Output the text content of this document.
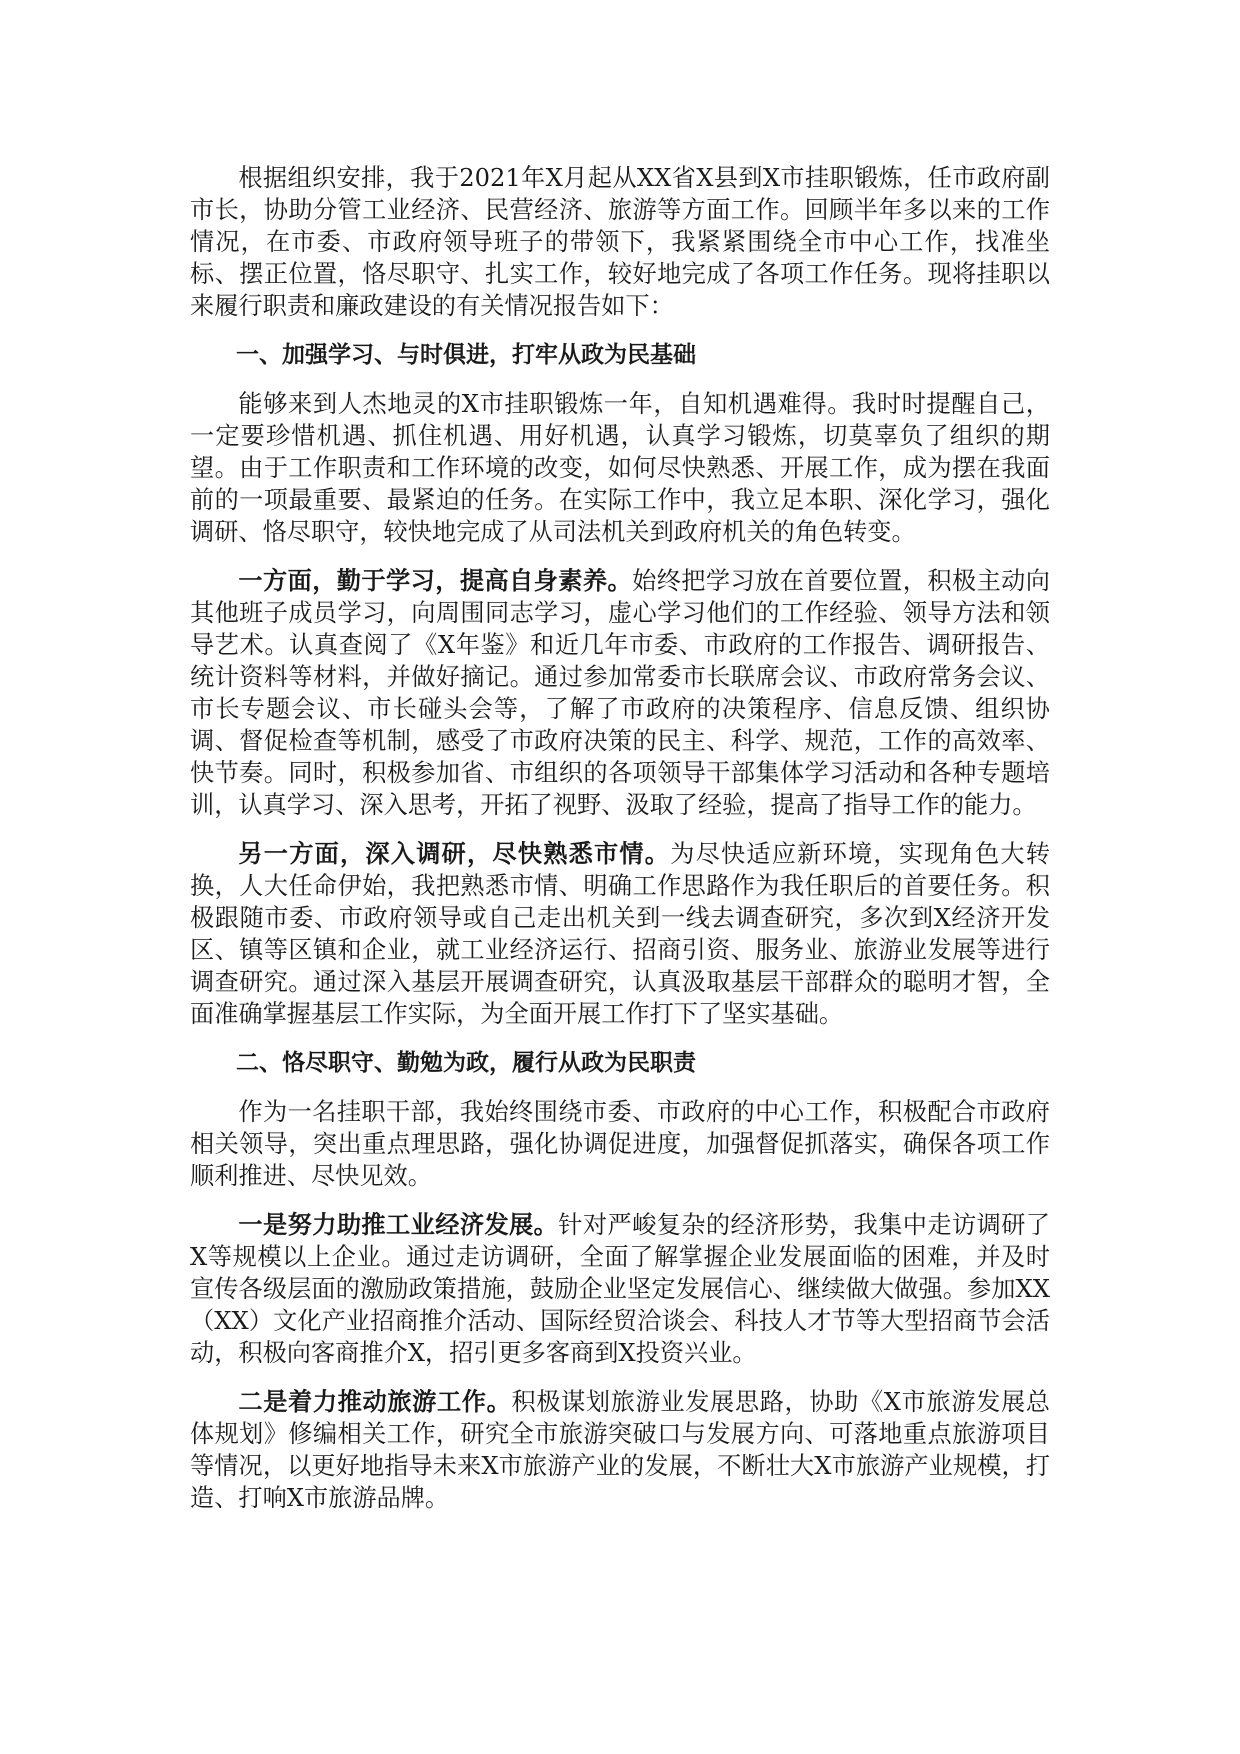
根据组织安排，我于2021年X月起从XX省X县到X市挂职锻炼，任市政府副市长，协助分管工业经济、民营经济、旅游等方面工作。回顾半年多以来的工作情况，在市委、市政府领导班子的带领下，我紧紧围绕全市中心工作，找准坐标、摆正位置，恪尽职守、扎实工作，较好地完成了各项工作任务。现将挂职以来履行职责和廉政建设的有关情况报告如下：

一、加强学习、与时俱进，打牢从政为民基础

能够来到人杰地灵的X市挂职锻炼一年，自知机遇难得。我时时提醒自己，一定要珍惜机遇、抓住机遇、用好机遇，认真学习锻炼，切莫辜负了组织的期望。由于工作职责和工作环境的改变，如何尽快熟悉、开展工作，成为摆在我面前的一项最重要、最紧迫的任务。在实际工作中，我立足本职、深化学习，强化调研、恪尽职守，较快地完成了从司法机关到政府机关的角色转变。

一方面，勤于学习，提高自身素养。始终把学习放在首要位置，积极主动向其他班子成员学习，向周围同志学习，虚心学习他们的工作经验、领导方法和领导艺术。认真查阅了《X年鉴》和近几年市委、市政府的工作报告、调研报告、统计资料等材料，并做好摘记。通过参加常委市长联席会议、市政府常务会议、市长专题会议、市长碰头会等，了解了市政府的决策程序、信息反馈、组织协调、督促检查等机制，感受了市政府决策的民主、科学、规范，工作的高效率、快节奏。同时，积极参加省、市组织的各项领导干部集体学习活动和各种专题培训，认真学习、深入思考，开拓了视野、汲取了经验，提高了指导工作的能力。

另一方面，深入调研，尽快熟悉市情。为尽快适应新环境，实现角色大转换，人大任命伊始，我把熟悉市情、明确工作思路作为我任职后的首要任务。积极跟随市委、市政府领导或自己走出机关到一线去调查研究，多次到X经济开发区、镇等区镇和企业，就工业经济运行、招商引资、服务业、旅游业发展等进行调查研究。通过深入基层开展调查研究，认真汲取基层干部群众的聪明才智，全面准确掌握基层工作实际，为全面开展工作打下了坚实基础。

二、恪尽职守、勤勉为政，履行从政为民职责

作为一名挂职干部，我始终围绕市委、市政府的中心工作，积极配合市政府相关领导，突出重点理思路，强化协调促进度，加强督促抓落实，确保各项工作顺利推进、尽快见效。

一是努力助推工业经济发展。针对严峻复杂的经济形势，我集中走访调研了X等规模以上企业。通过走访调研，全面了解掌握企业发展面临的困难，并及时宣传各级层面的激励政策措施，鼓励企业坚定发展信心、继续做大做强。参加XX（XX）文化产业招商推介活动、国际经贸洽谈会、科技人才节等大型招商节会活动，积极向客商推介X，招引更多客商到X投资兴业。

二是着力推动旅游工作。积极谋划旅游业发展思路，协助《X市旅游发展总体规划》修编相关工作，研究全市旅游突破口与发展方向、可落地重点旅游项目等情况，以更好地指导未来X市旅游产业的发展，不断壮大X市旅游产业规模，打造、打响X市旅游品牌。
